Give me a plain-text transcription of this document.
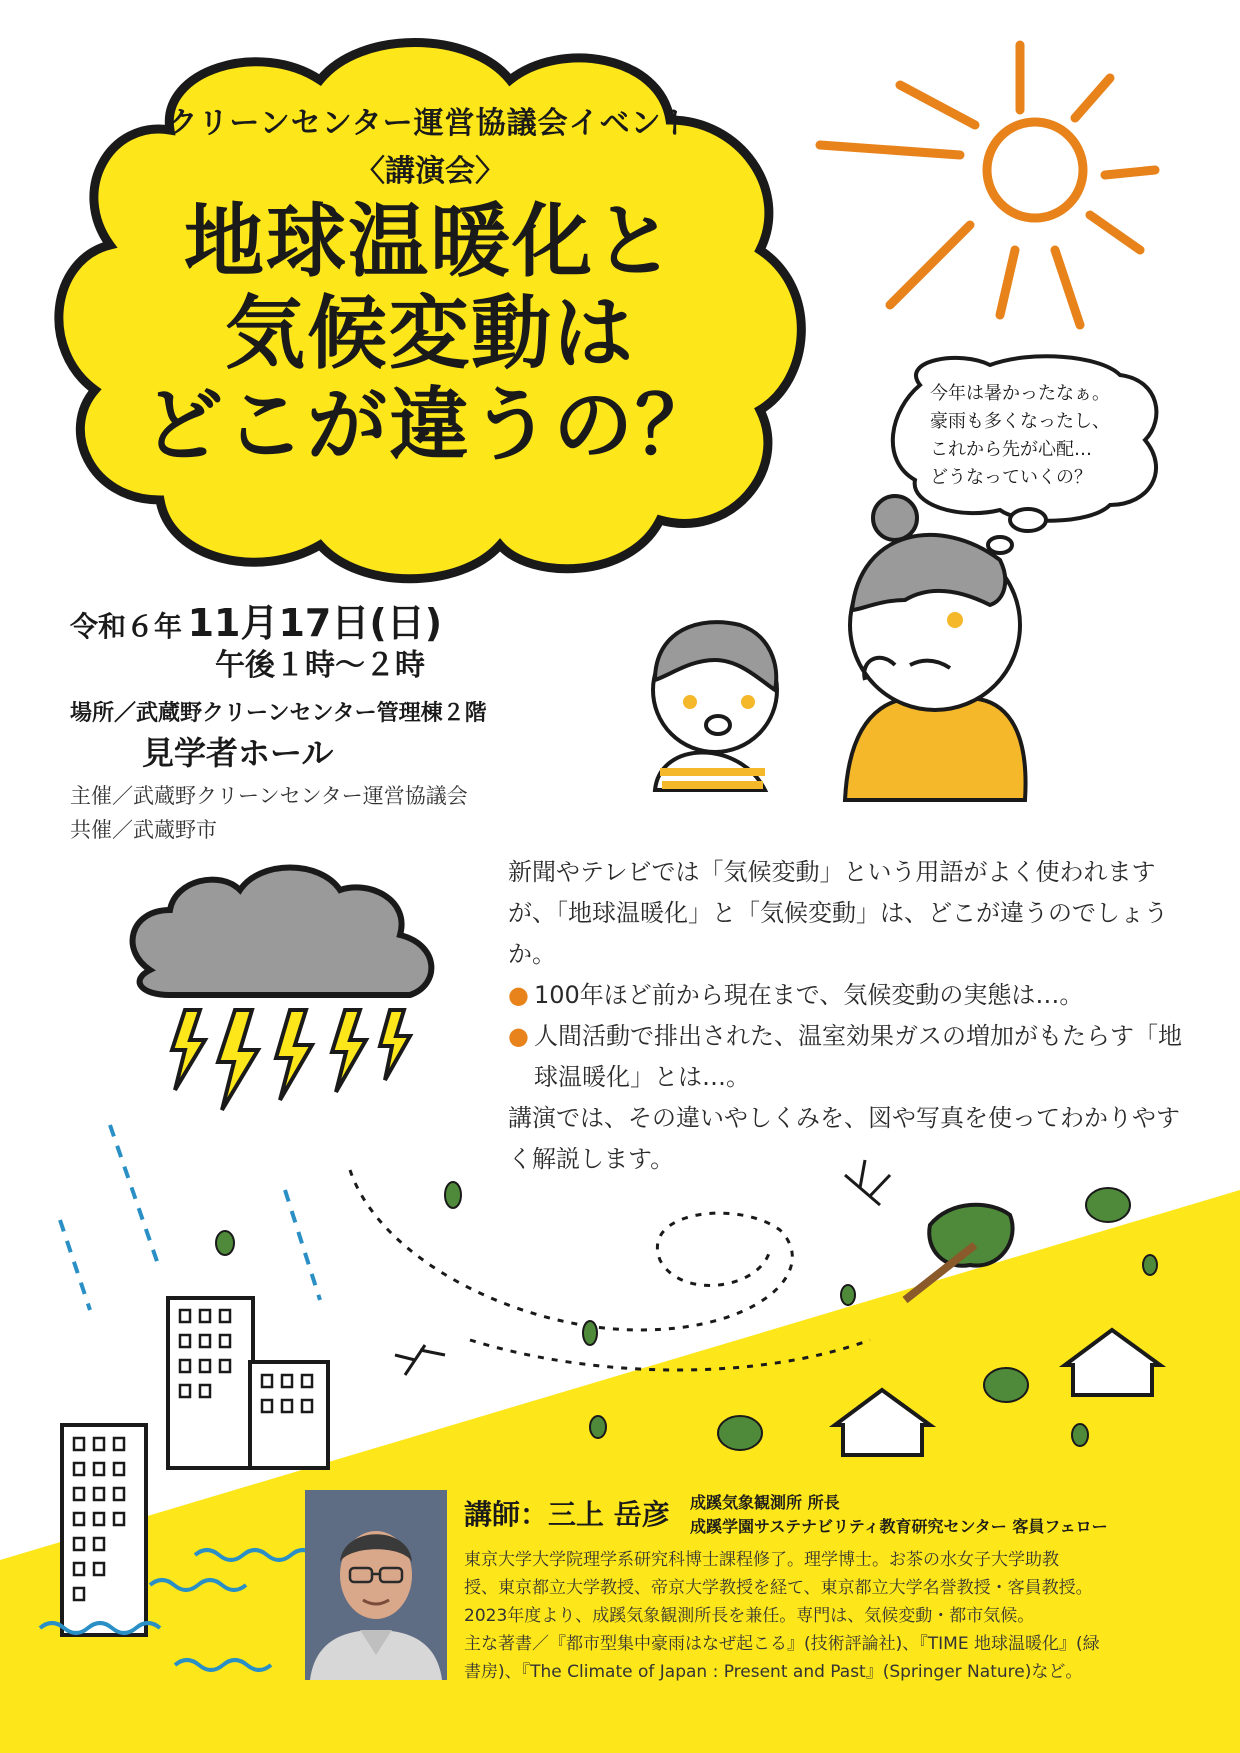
クリーンセンター運営協議会イベント
〈講演会〉
地球温暖化と
気候変動は
どこが違うの？	今年は暑かったなぁ。
豪雨も多くなったし、
これから先が心配…
どうなっていくの？
令和６年 11月17日(日)
午後１時～２時
場所／武蔵野クリーンセンター管理棟２階
見学者ホール
主催／武蔵野クリーンセンター運営協議会
共催／武蔵野市

新聞やテレビでは「気候変動」という用語がよく使われますが、「地球温暖化」と「気候変動」は、どこが違うのでしょうか。

● 100年ほど前から現在まで、気候変動の実態は…。
● 人間活動で排出された、温室効果ガスの増加がもたらす「地球温暖化」とは…。

講演では、その違いやしくみを、図や写真を使ってわかりやすく解説します。

講師：三上 岳彦 成蹊気象観測所 所長
成蹊学園サステナビリティ教育研究センター 客員フェロー

東京大学大学院理学系研究科博士課程修了。理学博士。お茶の水女子大学助教

授、東京都立大学教授、帝京大学教授を経て、東京都立大学名誉教授・客員教授。

2023年度より、成蹊気象観測所長を兼任。専門は、気候変動・都市気候。

主な著書／『都市型集中豪雨はなぜ起こる』(技術評論社)、『TIME 地球温暖化』(緑

書房)、『The Climate of Japan : Present and Past』(Springer Nature)など。
